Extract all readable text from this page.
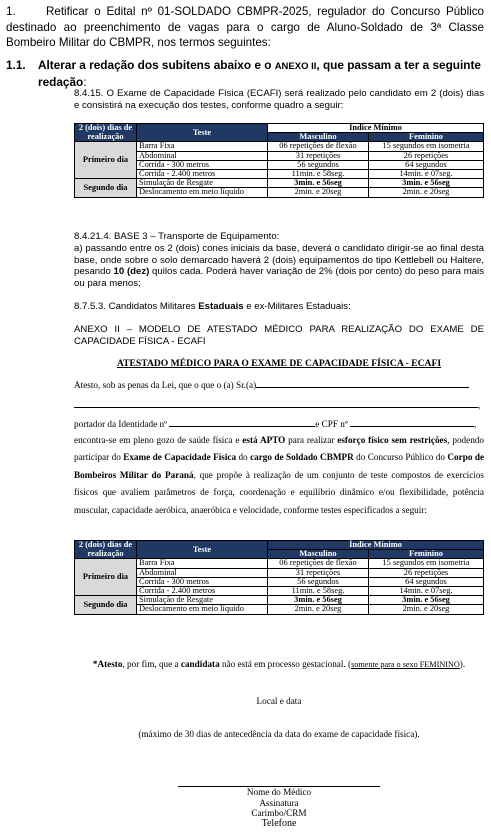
1.	Retificar o Edital nº 01-SOLDADO CBMPR-2025, regulador do Concurso Público destinado ao preenchimento de vagas para o cargo de Aluno-Soldado de 3ª Classe Bombeiro Militar do CBMPR, nos termos seguintes:
1.1. Alterar a redação dos subitens abaixo e o ANEXO II, que passam a ter a seguinte redação:
8.4.15. O Exame de Capacidade Física (ECAFI) será realizado pelo candidato em 2 (dois) dias e consistirá na execução dos testes, conforme quadro a seguir:
2 (dois) dias de realização	Teste	Índice Mínimo	
		Masculino	Feminino
Primeiro dia	Barra Fixa	06 repetições de flexão	15 segundos em isometria
	Abdominal	31 repetições	26 repetições
	Corrida - 300 metros	56 segundos	64 segundos
	Corrida - 2.400 metros	11min. e 58seg.	14min. e 07seg.
Segundo dia	Simulação de Resgate	3min. e 56seg	3min. e 56seg
	Deslocamento em meio líquido	2min. e 20seg	2min. e 20seg
8.4.21.4. BASE 3 – Transporte de Equipamento:
a) passando entre os 2 (dois) cones iniciais da base, deverá o candidato dirigir-se ao final desta base, onde sobre o solo demarcado haverá 2 (dois) equipamentos do tipo Kettlebell ou Haltere, pesando 10 (dez) quilos cada. Poderá haver variação de 2% (dois por cento) do peso para mais ou para menos;
8.7.5.3. Candidatos Militares Estaduais e ex-Militares Estaduais:
ANEXO II – MODELO DE ATESTADO MÉDICO PARA REALIZAÇÃO DO EXAME DE CAPACIDADE FÍSICA - ECAFI
ATESTADO MÉDICO PARA O EXAME DE CAPACIDADE FÍSICA - ECAFI
Atesto, sob as penas da Lei, que o que o (a) Sr.(a)
,
portador da Identidade nº	e CPF nº	,
encontra-se em pleno gozo de saúde física e está APTO para realizar esforço físico sem restrições, podendo participar do Exame de Capacidade Física do cargo de Soldado CBMPR do Concurso Público do Corpo de Bombeiros Militar do Paraná, que propõe à realização de um conjunto de teste compostos de exercícios físicos que avaliem parâmetros de força, coordenação e equilíbrio dinâmico e/ou flexibilidade, potência muscular, capacidade aeróbica, anaeróbica e velocidade, conforme testes especificados a seguir:
2 (dois) dias de realização	Teste	Índice Mínimo	
		Masculino	Feminino
Primeiro dia	Barra Fixa	06 repetições de flexão	15 segundos em isometria
	Abdominal	31 repetições	26 repetições
	Corrida - 300 metros	56 segundos	64 segundos
	Corrida - 2.400 metros	11min. e 58seg.	14min. e 07seg.
Segundo dia	Simulação de Resgate	3min. e 56seg	3min. e 56seg
	Deslocamento em meio líquido	2min. e 20seg	2min. e 20seg
*Atesto, por fim, que a candidata não está em processo gestacional. (somente para o sexo FEMININO).
Local e data
(máximo de 30 dias de antecedência da data do exame de capacidade física).
Nome do Médico
Assinatura
Carimbo/CRM
Telefone
